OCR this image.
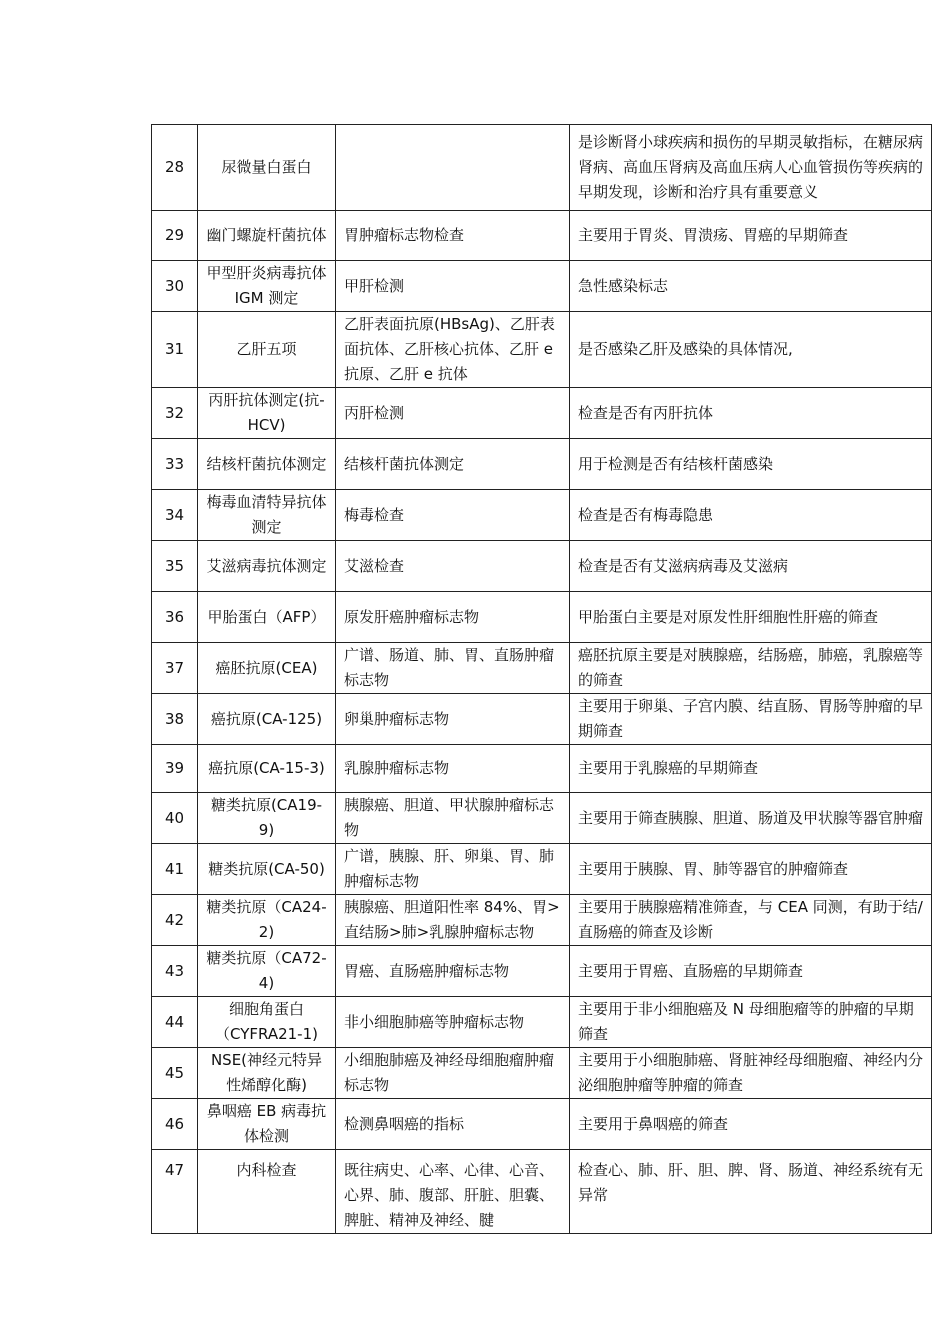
28	尿微量白蛋白		是诊断肾小球疾病和损伤的早期灵敏指标，在糖尿病肾病、高血压肾病及高血压病人心血管损伤等疾病的早期发现，诊断和治疗具有重要意义
29	幽门螺旋杆菌抗体	胃肿瘤标志物检查	主要用于胃炎、胃溃疡、胃癌的早期筛查
30	甲型肝炎病毒抗体 IGM 测定	甲肝检测	急性感染标志
31	乙肝五项	乙肝表面抗原(HBsAg)、乙肝表面抗体、乙肝核心抗体、乙肝 e 抗原、乙肝 e 抗体	是否感染乙肝及感染的具体情况,
32	丙肝抗体测定(抗-HCV)	丙肝检测	检查是否有丙肝抗体
33	结核杆菌抗体测定	结核杆菌抗体测定	用于检测是否有结核杆菌感染
34	梅毒血清特异抗体测定	梅毒检查	检查是否有梅毒隐患
35	艾滋病毒抗体测定	艾滋检查	检查是否有艾滋病病毒及艾滋病
36	甲胎蛋白（AFP）	原发肝癌肿瘤标志物	甲胎蛋白主要是对原发性肝细胞性肝癌的筛查
37	癌胚抗原(CEA)	广谱、肠道、肺、胃、直肠肿瘤标志物	癌胚抗原主要是对胰腺癌，结肠癌，肺癌，乳腺癌等的筛查
38	癌抗原(CA-125)	卵巢肿瘤标志物	主要用于卵巢、子宫内膜、结直肠、胃肠等肿瘤的早期筛查
39	癌抗原(CA-15-3)	乳腺肿瘤标志物	主要用于乳腺癌的早期筛查
40	糖类抗原(CA19-9)	胰腺癌、胆道、甲状腺肿瘤标志物	主要用于筛查胰腺、胆道、肠道及甲状腺等器官肿瘤
41	糖类抗原(CA-50)	广谱，胰腺、肝、卵巢、胃、肺肿瘤标志物	主要用于胰腺、胃、肺等器官的肿瘤筛查
42	糖类抗原（CA24-2)	胰腺癌、胆道阳性率 84%、胃>直结肠>肺>乳腺肿瘤标志物	主要用于胰腺癌精准筛查，与 CEA 同测，有助于结/直肠癌的筛查及诊断
43	糖类抗原（CA72-4)	胃癌、直肠癌肿瘤标志物	主要用于胃癌、直肠癌的早期筛查
44	细胞角蛋白（CYFRA21-1)	非小细胞肺癌等肿瘤标志物	主要用于非小细胞癌及 N 母细胞瘤等的肿瘤的早期筛查
45	NSE(神经元特异性烯醇化酶)	小细胞肺癌及神经母细胞瘤肿瘤标志物	主要用于小细胞肺癌、肾脏神经母细胞瘤、神经内分泌细胞肿瘤等肿瘤的筛查
46	鼻咽癌 EB 病毒抗体检测	检测鼻咽癌的指标	主要用于鼻咽癌的筛查
47	内科检查	既往病史、心率、心律、心音、心界、肺、腹部、肝脏、胆囊、脾脏、精神及神经、腱	检查心、肺、肝、胆、脾、肾、肠道、神经系统有无异常
